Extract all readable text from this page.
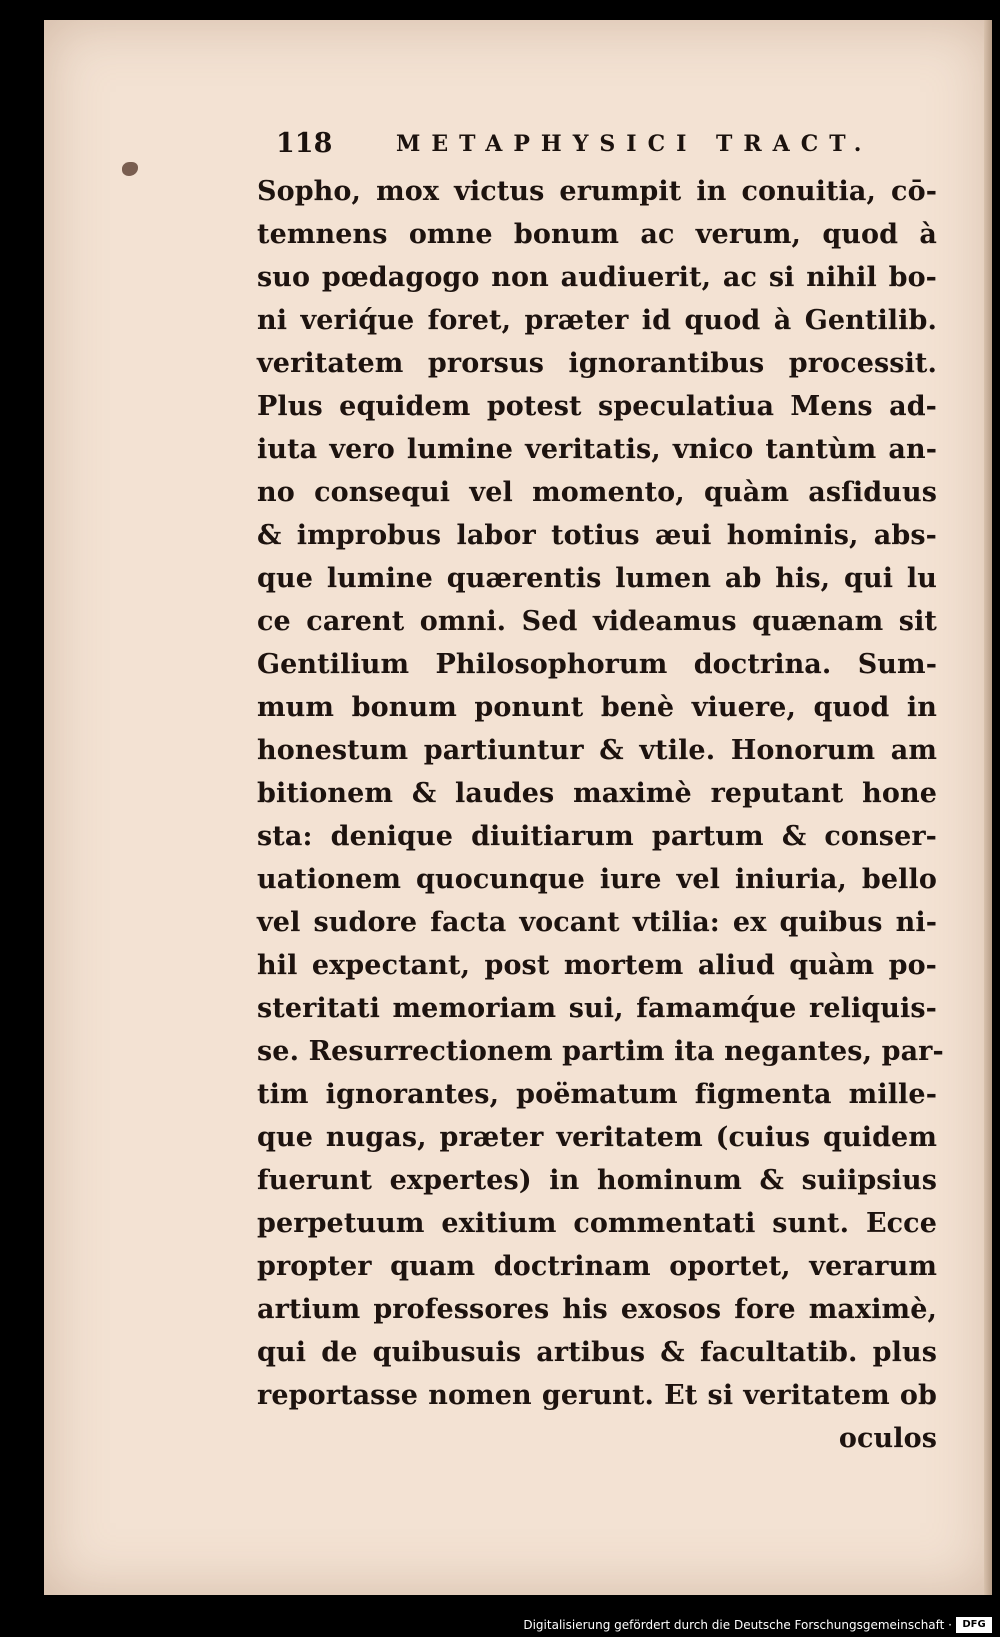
118	METAPHYSICI TRACT.
Sopho, mox victus erumpit in conuitia, cō-
temnens omne bonum ac verum, quod à
suo pœdagogo non audiuerit, ac si nihil bo-
ni veriq́ue foret, præter id quod à Gentilib.
veritatem prorsus ignorantibus processit.
Plus equidem potest speculatiua Mens ad-
iuta vero lumine veritatis, vnico tantùm an-
no consequi vel momento, quàm asſiduus
& improbus labor totius æui hominis, abs-
que lumine quærentis lumen ab his, qui lu
ce carent omni. Sed videamus quænam sit
Gentilium Philosophorum doctrina. Sum-
mum bonum ponunt benè viuere, quod in
honestum partiuntur & vtile. Honorum am
bitionem & laudes maximè reputant hone
sta: denique diuitiarum partum & conser-
uationem quocunque iure vel iniuria, bello
vel sudore facta vocant vtilia: ex quibus ni-
hil expectant, post mortem aliud quàm po-
steritati memoriam sui, famamq́ue reliquis-
se. Resurrectionem partim ita negantes, par-
tim ignorantes, poëmatum figmenta mille-
que nugas, præter veritatem (cuius quidem
fuerunt expertes) in hominum & suiipsius
perpetuum exitium commentati sunt. Ecce
propter quam doctrinam oportet, verarum
artium professores his exosos fore maximè,
qui de quibusuis artibus & facultatib. plus
reportasse nomen gerunt. Et si veritatem ob
oculos
Digitalisierung gefördert durch die Deutsche Forschungsgemeinschaft ·	DFG
